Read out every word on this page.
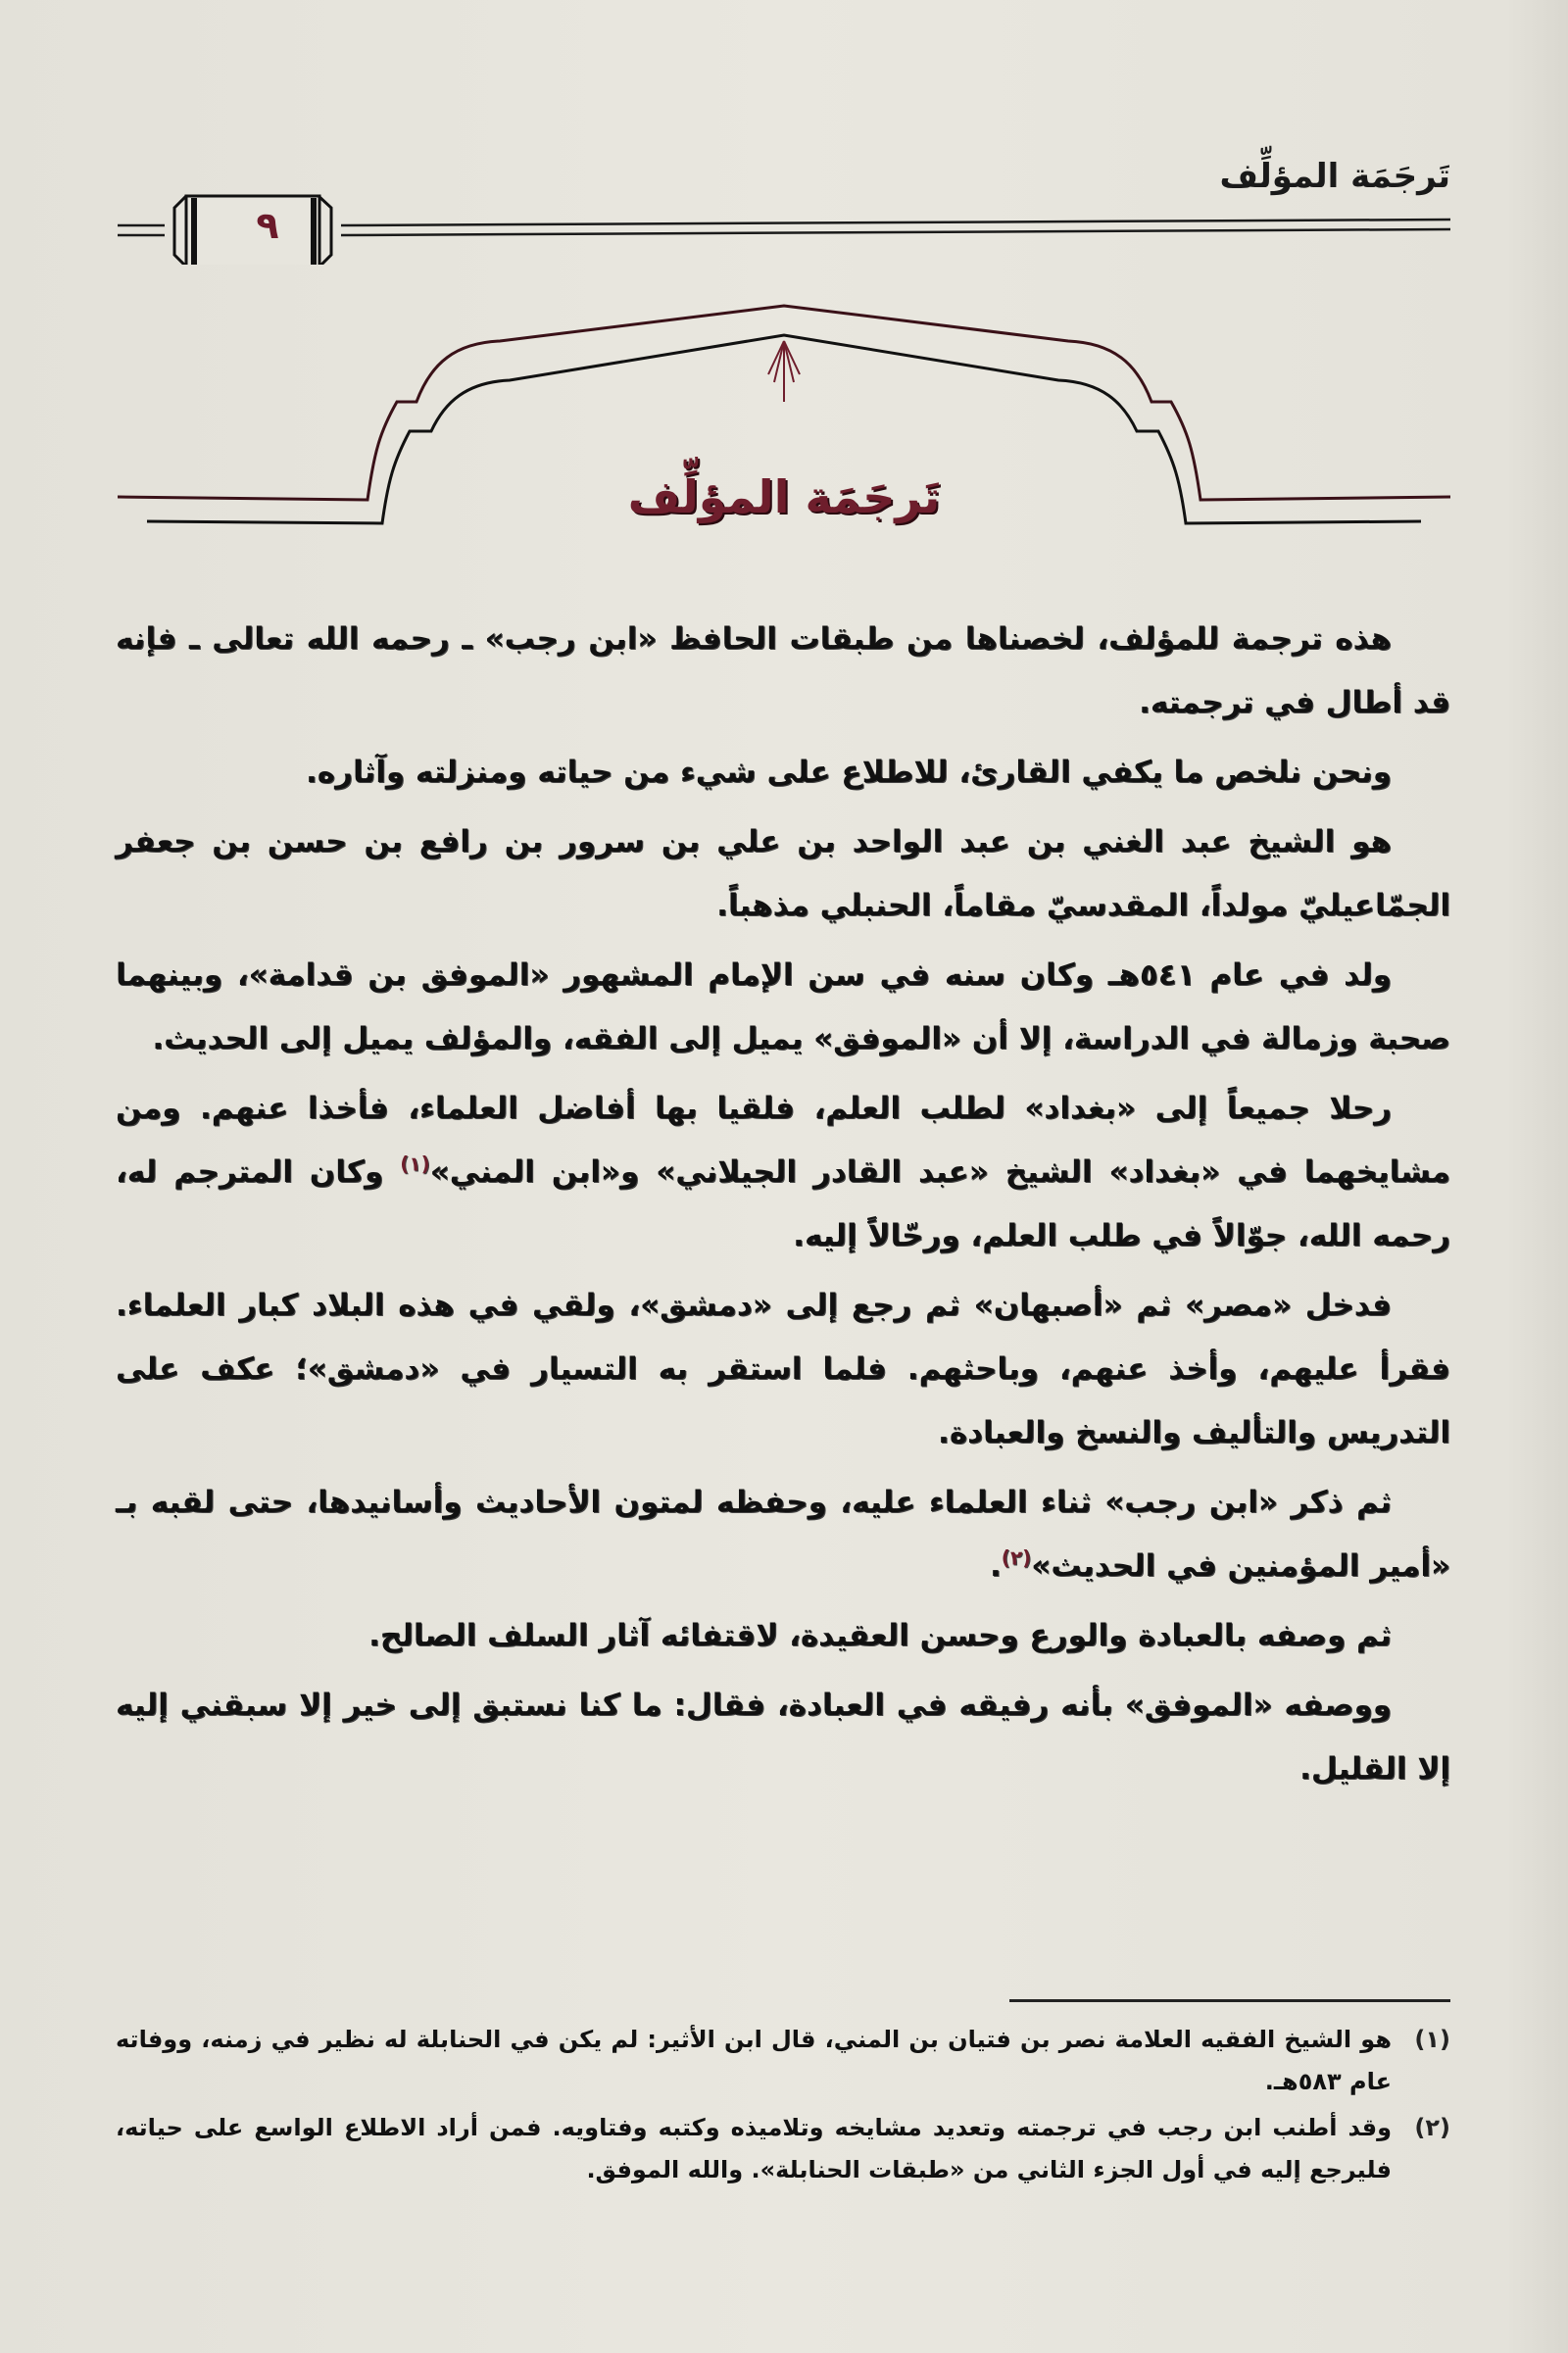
تَرجَمَة المؤلِّف
٩
تَرجَمَة المؤلِّف

هذه ترجمة للمؤلف، لخصناها من طبقات الحافظ «ابن رجب» ـ رحمه الله تعالى ـ فإنه قد أطال في ترجمته.

ونحن نلخص ما يكفي القارئ، للاطلاع على شيء من حياته ومنزلته وآثاره.

هو الشيخ عبد الغني بن عبد الواحد بن علي بن سرور بن رافع بن حسن بن جعفر الجمّاعيليّ مولداً، المقدسيّ مقاماً، الحنبلي مذهباً.

ولد في عام ٥٤١هـ وكان سنه في سن الإمام المشهور «الموفق بن قدامة»، وبينهما صحبة وزمالة في الدراسة، إلا أن «الموفق» يميل إلى الفقه، والمؤلف يميل إلى الحديث.

رحلا جميعاً إلى «بغداد» لطلب العلم، فلقيا بها أفاضل العلماء، فأخذا عنهم. ومن مشايخهما في «بغداد» الشيخ «عبد القادر الجيلاني» و«ابن المني»$^{(١)}$ وكان المترجم له، رحمه الله، جوّالاً في طلب العلم، ورحّالاً إليه.

فدخل «مصر» ثم «أصبهان» ثم رجع إلى «دمشق»، ولقي في هذه البلاد كبار العلماء. فقرأ عليهم، وأخذ عنهم، وباحثهم. فلما استقر به التسيار في «دمشق»؛ عكف على التدريس والتأليف والنسخ والعبادة.

ثم ذكر «ابن رجب» ثناء العلماء عليه، وحفظه لمتون الأحاديث وأسانيدها، حتى لقبه بـ «أمير المؤمنين في الحديث»$^{(٢)}$.

ثم وصفه بالعبادة والورع وحسن العقيدة، لاقتفائه آثار السلف الصالح.

ووصفه «الموفق» بأنه رفيقه في العبادة، فقال: ما كنا نستبق إلى خير إلا سبقني إليه إلا القليل.

(١)
هو الشيخ الفقيه العلامة نصر بن فتيان بن المني، قال ابن الأثير: لم يكن في الحنابلة له نظير في زمنه، ووفاته عام ٥٨٣هـ.
(٢)
وقد أطنب ابن رجب في ترجمته وتعديد مشايخه وتلاميذه وكتبه وفتاويه. فمن أراد الاطلاع الواسع على حياته، فليرجع إليه في أول الجزء الثاني من «طبقات الحنابلة». والله الموفق.
